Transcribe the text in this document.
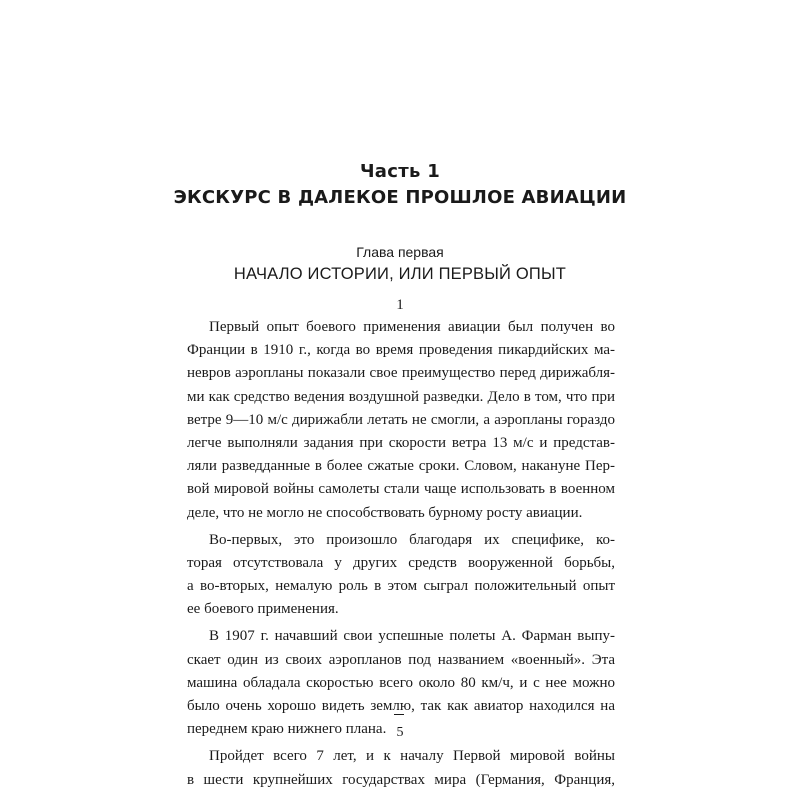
Часть 1
ЭКСКУРС В ДАЛЕКОЕ ПРОШЛОЕ АВИАЦИИ
Глава первая
НАЧАЛО ИСТОРИИ, ИЛИ ПЕРВЫЙ ОПЫТ
1
Первый опыт боевого применения авиации был получен во
Франции в 1910 г., когда во время проведения пикардийских ма-
невров аэропланы показали свое преимущество перед дирижабля-
ми как средство ведения воздушной разведки. Дело в том, что при
ветре 9—10 м/с дирижабли летать не смогли, а аэропланы гораздо
легче выполняли задания при скорости ветра 13 м/с и представ-
ляли разведданные в более сжатые сроки. Словом, накануне Пер-
вой мировой войны самолеты стали чаще использовать в военном
деле, что не могло не способствовать бурному росту авиации.
Во-первых, это произошло благодаря их специфике, ко-
торая отсутствовала у других средств вооруженной борьбы,
а во-вторых, немалую роль в этом сыграл положительный опыт
ее боевого применения.
В 1907 г. начавший свои успешные полеты А. Фарман выпу-
скает один из своих аэропланов под названием «военный». Эта
машина обладала скоростью всего около 80 км/ч, и с нее можно
было очень хорошо видеть землю, так как авиатор находился на
переднем краю нижнего плана.
Пройдет всего 7 лет, и к началу Первой мировой войны
в шести крупнейших государствах мира (Германия, Франция,
5
